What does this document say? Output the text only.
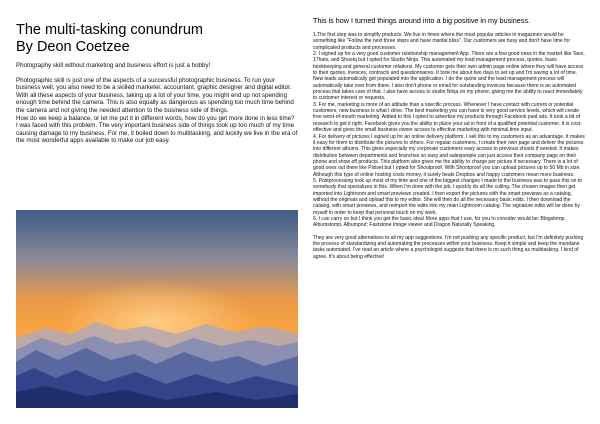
The multi-tasking conundrum
By Deon Coetzee

Photography skill without marketing and business effort is just a hobby!

Photographic skill is just one of the aspects of a successful photographic business. To run your business well, you also need to be a skilled marketer, accountant, graphic designer and digital editor.

With all these aspects of your business, taking up a lot of your time, you might end up not spending enough time behind the camera. This is also equally as dangerous as spending too much time behind the camera and not giving the needed attention to the business side of things.

How do we keep a balance, or let me put it in different words, how do you get more done in less time?

I was faced with this problem. The very important business side of things took up too much of my time causing damage to my business. For me, it boiled down to multitasking, and luckily we live in the era of the most wonderful apps available to make our job easy.

This is how I turned things around into a big positive in my business.

1.The first step was to simplify products. We live in times where the most popular articles in magazines would be something like "Follow the next three steps and have marital bliss". Our customers are busy and don't have time for complicated products and processes.

2. I signed up for a very good customer relationship management App. There are a few good ones in the market like Tave, 17hats, and Shootq but I opted for Studio Ninja. This automated my lead management process, quotes, basic bookkeeping and general customer relations. My customer gets their own admin page online where they will have access to their quotes, invoices, contracts and questionnaires. It took me about two days to set up and I'm saving a lot of time. New leads automatically get populated into the application. I do the quote and the lead management process will automatically take over from there. I also don't phone or email for outstanding invoices because there is an automated process that takes care of that. I also have access to studio Ninja on my phone, giving me the ability to react immediately to customer interest or requests.

3. For me, marketing is more of an attitude than a specific process. Whenever I have contact with current or potential customers, new business is what I drive. The best marketing you can have is very good service levels, which will create free word-of-mouth marketing. Added to this I opted to advertise my products through Facebook paid ads. It took a bit of research to get it right. Facebook gives you the ability to place your ad in front of a qualified potential customer. It is cost-effective and gives the small business owner access to effective marketing with minimal time input.

4. For delivery of pictures I signed up for an online delivery platform. I sell this to my customers as an advantage. It makes it easy for them to distribute the pictures to others. For regular customers, I create their own page and deliver the pictures into different albums. This gives especially my corporate customers easy access to previous shoots if needed. It makes distribution between departments and branches so easy and salespeople can just access their company page on their phone and show off products. This platform also gives me the ability to charge per picture if necessary. There is a lot of good ones out there like Pixiset but I opted for Shootproof. With Shootproof you can upload pictures up to 50 Mb in size. Although this type of online hosting costs money, it surely beats Dropbox and happy customers mean more business.

5. Postprocessing took up most of my time and one of the biggest changes I made to the business was to pass this on to somebody that specializes in this. When I'm done with the job, I quickly do all the culling. The chosen images then get imported into Lightroom and smart previews created. I then export the pictures with the smart previews as a catalog, without the originals and upload this to my editor. She will then do all the necessary basic edits. I then download the catalog, with smart previews, and reimport the edits into my main Lightroom catalog. The signature edits will be done by myself in order to keep that personal touch on my work.

6. I can carry on but I think you get the basic idea! More apps that I use, for you to consider would be: Blogstomp, Albumstomp, Albumpruf; Faststone image viewer and Dragon Naturally Speaking.

They are very good alternatives to all my app suggestions. I'm not pushing any specific product, but I'm definitely pushing the process of standardizing and automating the processes within your business. Keep it simple and keep the mundane tasks automated. I've read an article where a psychologist suggests that there is no such thing as multitasking. I kind of agree. It's about being effective!
